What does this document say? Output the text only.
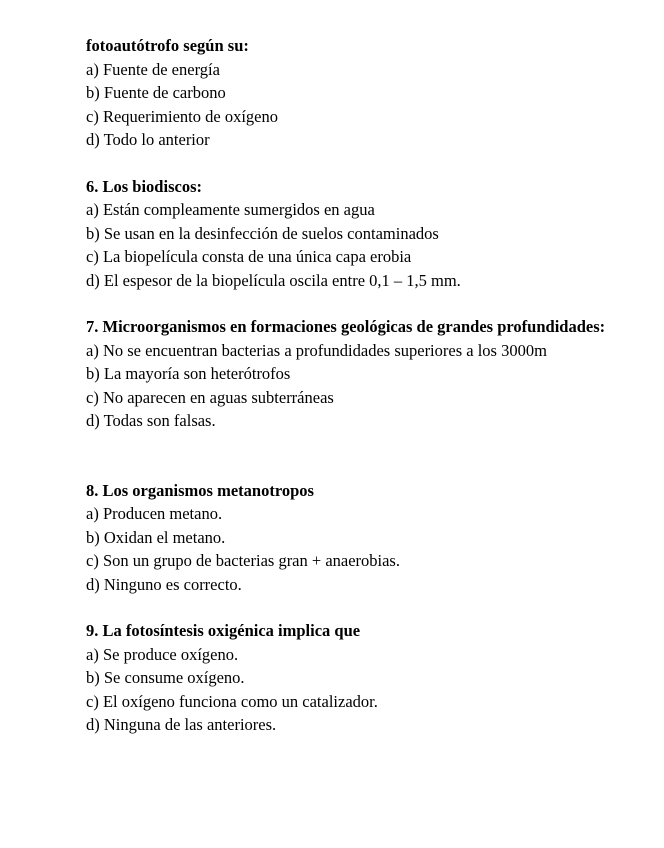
fotoautótrofo según su:

a) Fuente de energía

b) Fuente de carbono

c) Requerimiento de oxígeno

d) Todo lo anterior

6. Los biodiscos:

a) Están compleamente sumergidos en agua

b) Se usan en la desinfección de suelos contaminados

c) La biopelícula consta de una única capa erobia

d) El espesor de la biopelícula oscila entre 0,1 – 1,5 mm.

7. Microorganismos en formaciones geológicas de grandes profundidades:

a) No se encuentran bacterias a profundidades superiores a los 3000m

b) La mayoría son heterótrofos

c) No aparecen en aguas subterráneas

d) Todas son falsas.

8. Los organismos metanotropos

a) Producen metano.

b) Oxidan el metano.

c) Son un grupo de bacterias gran + anaerobias.

d) Ninguno es correcto.

9. La fotosíntesis oxigénica implica que

a) Se produce oxígeno.

b) Se consume oxígeno.

c) El oxígeno funciona como un catalizador.

d) Ninguna de las anteriores.
